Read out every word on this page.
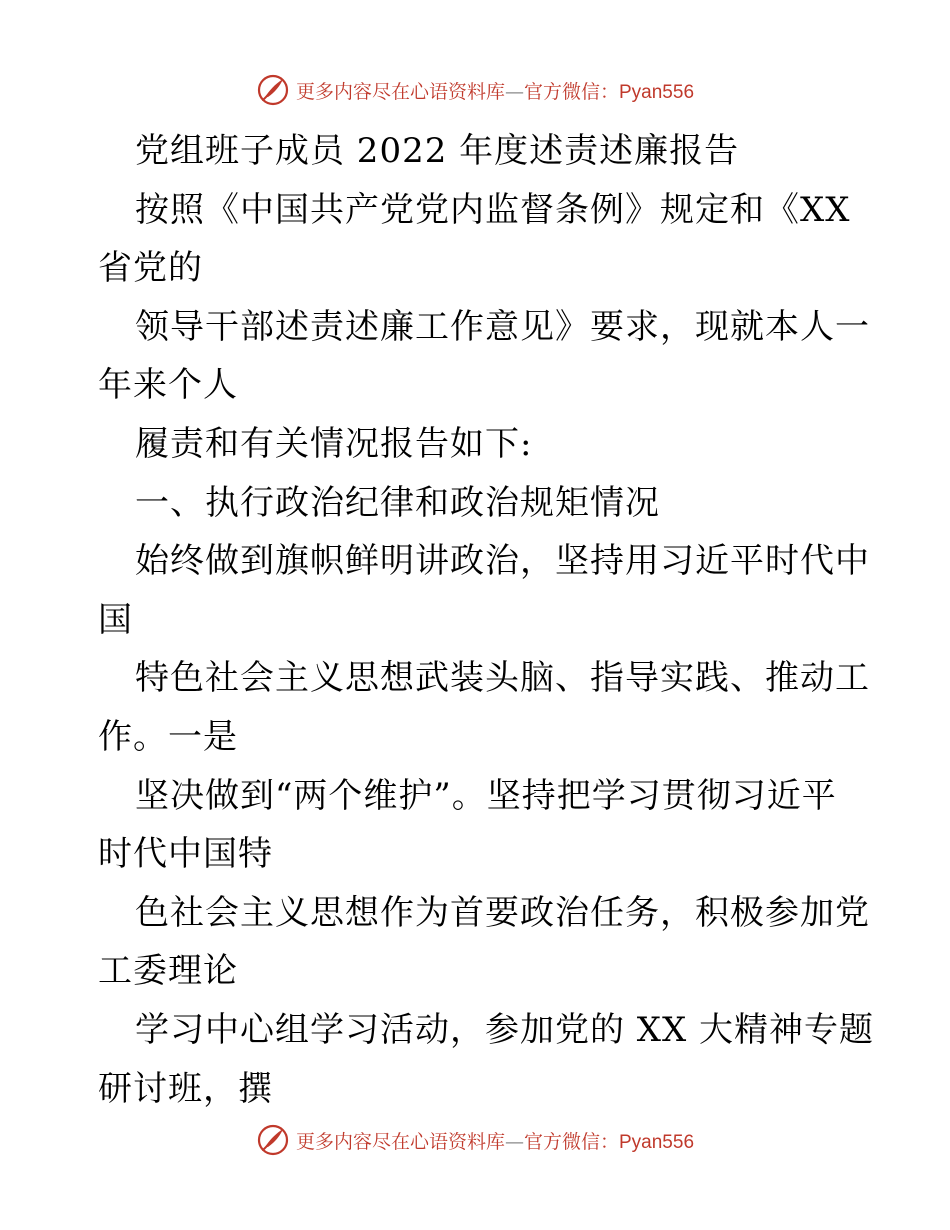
更多内容尽在心语资料库—官方微信：Pyan556
党组班子成员 2022 年度述责述廉报告
按照《中国共产党党内监督条例》规定和《XX
省党的
领导干部述责述廉工作意见》要求，现就本人一
年来个人
履责和有关情况报告如下:
一、执行政治纪律和政治规矩情况
始终做到旗帜鲜明讲政治，坚持用习近平时代中
国
特色社会主义思想武装头脑、指导实践、推动工
作。一是
坚决做到“两个维护”。坚持把学习贯彻习近平
时代中国特
色社会主义思想作为首要政治任务，积极参加党
工委理论
学习中心组学习活动，参加党的 XX 大精神专题
研讨班，撰
更多内容尽在心语资料库—官方微信：Pyan556
